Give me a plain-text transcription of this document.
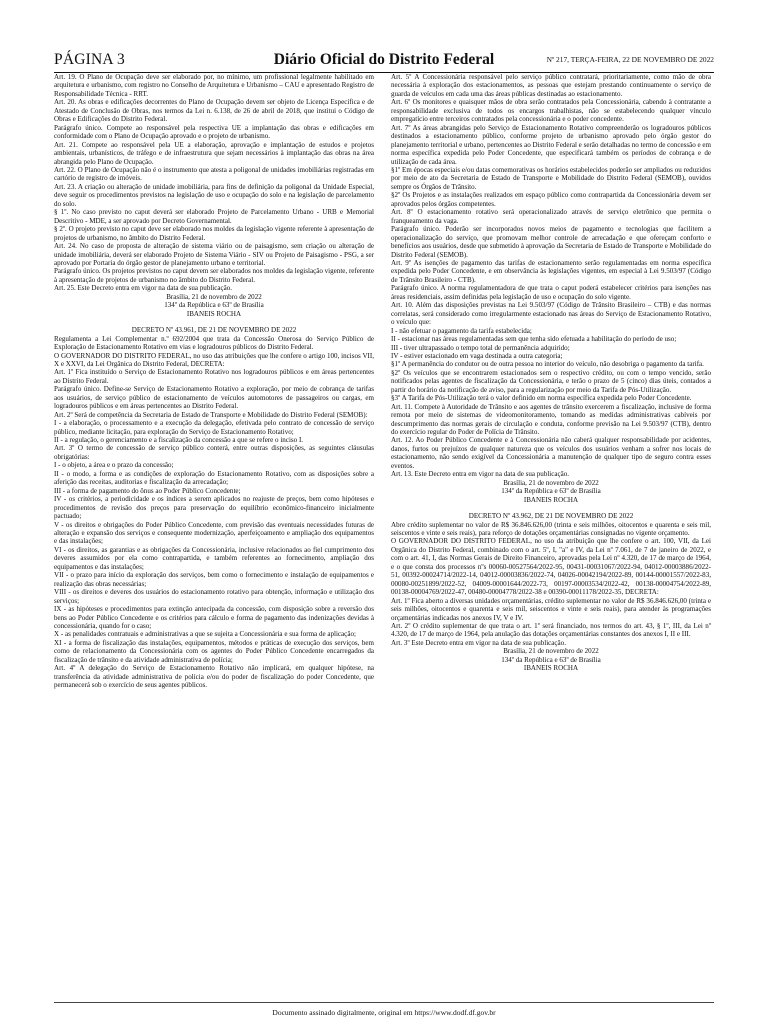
PÁGINA 3	Diário Oficial do Distrito Federal	Nº 217, TERÇA-FEIRA, 22 DE NOVEMBRO DE 2022

Art. 19. O Plano de Ocupação deve ser elaborado por, no mínimo, um profissional legalmente habilitado em arquitetura e urbanismo, com registro no Conselho de Arquitetura e Urbanismo – CAU e apresentado Registro de Responsabilidade Técnica - RRT.

Art. 20. As obras e edificações decorrentes do Plano de Ocupação devem ser objeto de Licença Específica e de Atestado de Conclusão de Obras, nos termos da Lei n. 6.138, de 26 de abril de 2018, que institui o Código de Obras e Edificações do Distrito Federal.

Parágrafo único. Compete ao responsável pela respectiva UE a implantação das obras e edificações em conformidade com o Plano de Ocupação aprovado e o projeto de urbanismo.

Art. 21. Compete ao responsável pela UE a elaboração, aprovação e implantação de estudos e projetos ambientais, urbanísticos, de tráfego e de infraestrutura que sejam necessários à implantação das obras na área abrangida pelo Plano de Ocupação.

Art. 22. O Plano de Ocupação não é o instrumento que atesta a poligonal de unidades imobiliárias registradas em cartório de registro de imóveis.

Art. 23. A criação ou alteração de unidade imobiliária, para fins de definição da poligonal da Unidade Especial, deve seguir os procedimentos previstos na legislação de uso e ocupação do solo e na legislação de parcelamento do solo.

§ 1º. No caso previsto no caput deverá ser elaborado Projeto de Parcelamento Urbano - URB e Memorial Descritivo - MDE, a ser aprovado por Decreto Governamental.

§ 2º. O projeto previsto no caput deve ser elaborado nos moldes da legislação vigente referente à apresentação de projetos de urbanismo, no âmbito do Distrito Federal.

Art. 24. No caso de proposta de alteração de sistema viário ou de paisagismo, sem criação ou alteração de unidade imobiliária, deverá ser elaborado Projeto de Sistema Viário - SIV ou Projeto de Paisagismo - PSG, a ser aprovado por Portaria do órgão gestor de planejamento urbano e territorial.

Parágrafo único. Os projetos previstos no caput devem ser elaborados nos moldes da legislação vigente, referente à apresentação de projetos de urbanismo no âmbito do Distrito Federal.

Art. 25. Este Decreto entra em vigor na data de sua publicação.

Brasília, 21 de novembro de 2022

134º da República e 63º de Brasília

IBANEIS ROCHA

DECRETO Nº 43.961, DE 21 DE NOVEMBRO DE 2022

Regulamenta a Lei Complementar n.º 692/2004 que trata da Concessão Onerosa do Serviço Público de Exploração de Estacionamento Rotativo em vias e logradouros públicos do Distrito Federal.

O GOVERNADOR DO DISTRITO FEDERAL, no uso das atribuições que lhe confere o artigo 100, incisos VII, X e XXVI, da Lei Orgânica do Distrito Federal, DECRETA:

Art. 1º Fica instituído o Serviço de Estacionamento Rotativo nos logradouros públicos e em áreas pertencentes ao Distrito Federal.

Parágrafo único. Define-se Serviço de Estacionamento Rotativo a exploração, por meio de cobrança de tarifas aos usuários, de serviço público de estacionamento de veículos automotores de passageiros ou cargas, em logradouros públicos e em áreas pertencentes ao Distrito Federal.

Art. 2º Será de competência da Secretaria de Estado de Transporte e Mobilidade do Distrito Federal (SEMOB):

I - a elaboração, o processamento e a execução da delegação, efetivada pelo contrato de concessão de serviço público, mediante licitação, para exploração do Serviço de Estacionamento Rotativo;

II - a regulação, o gerenciamento e a fiscalização da concessão a que se refere o inciso I.

Art. 3º O termo de concessão de serviço público conterá, entre outras disposições, as seguintes cláusulas obrigatórias:

I - o objeto, a área e o prazo da concessão;

II - o modo, a forma e as condições de exploração do Estacionamento Rotativo, com as disposições sobre a aferição das receitas, auditorias e fiscalização da arrecadação;

III - a forma de pagamento do ônus ao Poder Público Concedente;

IV - os critérios, a periodicidade e os índices a serem aplicados no reajuste de preços, bem como hipóteses e procedimentos de revisão dos preços para preservação do equilíbrio econômico-financeiro inicialmente pactuado;

V - os direitos e obrigações do Poder Público Concedente, com previsão das eventuais necessidades futuras de alteração e expansão dos serviços e consequente modernização, aperfeiçoamento e ampliação dos equipamentos e das instalações;

VI - os direitos, as garantias e as obrigações da Concessionária, inclusive relacionados ao fiel cumprimento dos deveres assumidos por ela como contrapartida, e também referentes ao fornecimento, ampliação dos equipamentos e das instalações;

VII - o prazo para início da exploração dos serviços, bem como o fornecimento e instalação de equipamentos e realização das obras necessárias;

VIII - os direitos e deveres dos usuários do estacionamento rotativo para obtenção, informação e utilização dos serviços;

IX - as hipóteses e procedimentos para extinção antecipada da concessão, com disposição sobre a reversão dos bens ao Poder Público Concedente e os critérios para cálculo e forma de pagamento das indenizações devidas à concessionária, quando for o caso;

X - as penalidades contratuais e administrativas a que se sujeita a Concessionária e sua forma de aplicação;

XI - a forma de fiscalização das instalações, equipamentos, métodos e práticas de execução dos serviços, bem como de relacionamento da Concessionária com os agentes do Poder Público Concedente encarregados da fiscalização de trânsito e da atividade administrativa de polícia;

Art. 4º A delegação do Serviço de Estacionamento Rotativo não implicará, em qualquer hipótese, na transferência da atividade administrativa de polícia e/ou do poder de fiscalização do poder Concedente, que permanecerá sob o exercício de seus agentes públicos.

Art. 5º A Concessionária responsável pelo serviço público contratará, prioritariamente, como mão de obra necessária à exploração dos estacionamentos, as pessoas que estejam prestando continuamente o serviço de guarda de veículos em cada uma das áreas públicas destinadas ao estacionamento.

Art. 6º Os monitores e quaisquer mãos de obra serão contratados pela Concessionária, cabendo à contratante a responsabilidade exclusiva de todos os encargos trabalhistas, não se estabelecendo qualquer vínculo empregatício entre terceiros contratados pela concessionária e o poder concedente.

Art. 7º As áreas abrangidas pelo Serviço de Estacionamento Rotativo compreenderão os logradouros públicos destinados a estacionamento público, conforme projeto de urbanismo aprovado pelo órgão gestor do planejamento territorial e urbano, pertencentes ao Distrito Federal e serão detalhadas no termo de concessão e em norma específica expedida pelo Poder Concedente, que especificará também os períodos de cobrança e de utilização de cada área.

§1º Em épocas especiais e/ou datas comemorativas os horários estabelecidos poderão ser ampliados ou reduzidos por meio de ato da Secretaria de Estado de Transporte e Mobilidade do Distrito Federal (SEMOB), ouvidos sempre os Órgãos de Trânsito.

§2º Os Projetos e as instalações realizados em espaço público como contrapartida da Concessionária devem ser aprovados pelos órgãos competentes.

Art. 8º O estacionamento rotativo será operacionalizado através de serviço eletrônico que permita o franqueamento da vaga.

Parágrafo único. Poderão ser incorporados novos meios de pagamento e tecnologias que facilitem a operacionalização do serviço, que promovam melhor controle de arrecadação e que ofereçam conforto e benefícios aos usuários, desde que submetido à aprovação da Secretaria de Estado de Transporte e Mobilidade do Distrito Federal (SEMOB).

Art. 9º As isenções de pagamento das tarifas de estacionamento serão regulamentadas em norma específica expedida pelo Poder Concedente, e em observância às legislações vigentes, em especial à Lei 9.503/97 (Código de Trânsito Brasileiro - CTB).

Parágrafo único. A norma regulamentadora de que trata o caput poderá estabelecer critérios para isenções nas áreas residenciais, assim definidas pela legislação de uso e ocupação do solo vigente.

Art. 10. Além das disposições previstas na Lei 9.503/97 (Código de Trânsito Brasileiro – CTB) e das normas correlatas, será considerado como irregularmente estacionado nas áreas do Serviço de Estacionamento Rotativo, o veículo que:

I - não efetuar o pagamento da tarifa estabelecida;

II - estacionar nas áreas regulamentadas sem que tenha sido efetuada a habilitação do período de uso;

III - tiver ultrapassado o tempo total de permanência adquirido;

IV - estiver estacionado em vaga destinada a outra categoria;

§1º A permanência do condutor ou de outra pessoa no interior do veículo, não desobriga o pagamento da tarifa.

§2º Os veículos que se encontrarem estacionados sem o respectivo crédito, ou com o tempo vencido, serão notificados pelas agentes de fiscalização da Concessionária, e terão o prazo de 5 (cinco) dias úteis, contados a partir do horário da notificação de aviso, para a regularização por meio da Tarifa de Pós-Utilização.

§3º A Tarifa de Pós-Utilização terá o valor definido em norma específica expedida pelo Poder Concedente.

Art. 11. Compete à Autoridade de Trânsito e aos agentes de trânsito exercerem a fiscalização, inclusive de forma remota por meio de sistemas de videomonitoramento, tomando as medidas administrativas cabíveis por descumprimento das normas gerais de circulação e conduta, conforme previsão na Lei 9.503/97 (CTB), dentro do exercício regular do Poder de Polícia de Trânsito.

Art. 12. Ao Poder Público Concedente e à Concessionária não caberá qualquer responsabilidade por acidentes, danos, furtos ou prejuízos de qualquer natureza que os veículos dos usuários venham a sofrer nos locais de estacionamento, não sendo exigível da Concessionária a manutenção de qualquer tipo de seguro contra esses eventos.

Art. 13. Este Decreto entra em vigor na data de sua publicação.

Brasília, 21 de novembro de 2022

134º da República e 63º de Brasília

IBANEIS ROCHA

DECRETO Nº 43.962, DE 21 DE NOVEMBRO DE 2022

Abre crédito suplementar no valor de R$ 36.846.626,00 (trinta e seis milhões, oitocentos e quarenta e seis mil, seiscentos e vinte e seis reais), para reforço de dotações orçamentárias consignadas no vigente orçamento.

O GOVERNADOR DO DISTRITO FEDERAL, no uso da atribuição que lhe confere o art. 100, VII, da Lei Orgânica do Distrito Federal, combinado com o art. 5º, I, "a" e IV, da Lei nº 7.061, de 7 de janeiro de 2022, e com o art. 41, I, das Normas Gerais de Direito Financeiro, aprovadas pela Lei nº 4.320, de 17 de março de 1964, e o que consta dos processos nºs 00060-00527564/2022-95, 00431-00031067/2022-94, 04012-00003886/2022-51, 00392-00024714/2022-14, 04012-00003836/2022-74, 04026-00042194/2022-89, 00144-00001557/2022-83, 00080-00251899/2022-52, 04009-00001644/2022-73, 00197-00003534/2022-42, 00138-00004754/2022-89, 00138-00004769/2022-47, 00480-00004778/2022-38 e 00390-00011178/2022-35, DECRETA:

Art. 1º Fica aberto a diversas unidades orçamentárias, crédito suplementar no valor de R$ 36.846.626,00 (trinta e seis milhões, oitocentos e quarenta e seis mil, seiscentos e vinte e seis reais), para atender às programações orçamentárias indicadas nos anexos IV, V e IV.

Art. 2º O crédito suplementar de que trata o art. 1º será financiado, nos termos do art. 43, § 1º, III, da Lei nº 4.320, de 17 de março de 1964, pela anulação das dotações orçamentárias constantes dos anexos I, II e III.

Art. 3º Este Decreto entra em vigor na data de sua publicação.

Brasília, 21 de novembro de 2022

134º da República e 63º de Brasília

IBANEIS ROCHA

Documento assinado digitalmente, original em https://www.dodf.df.gov.br
